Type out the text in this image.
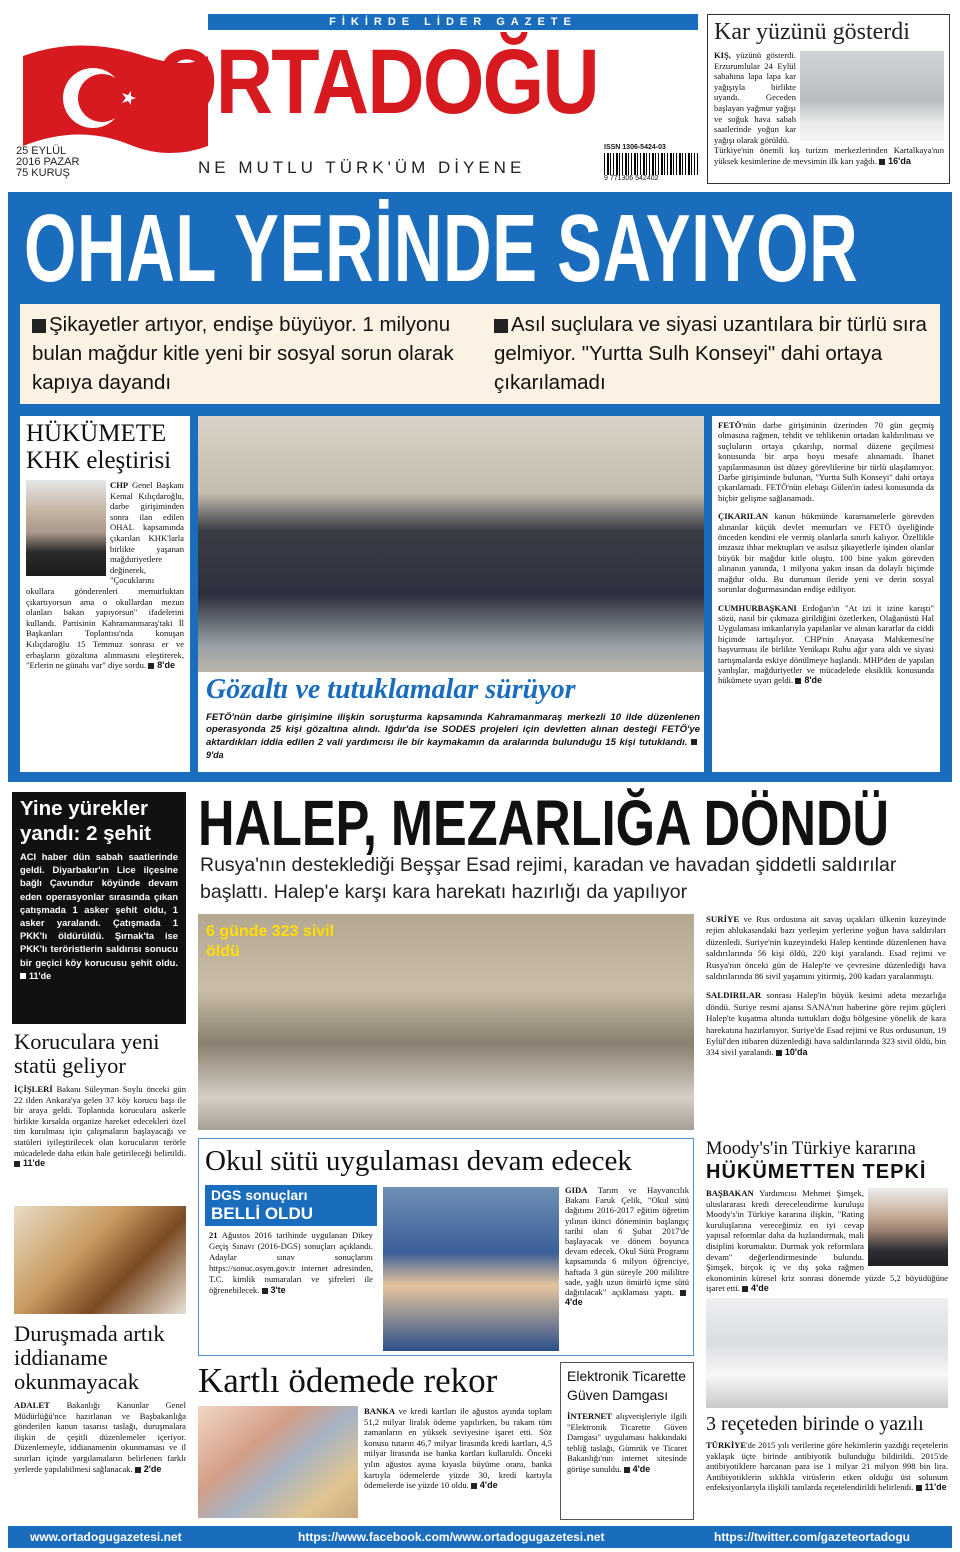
FİKİRDE LİDER GAZETE
ORTADOĞU
NE MUTLU TÜRK'ÜM DİYENE
25 EYLÜL
2016 PAZAR
75 KURUŞ
ISSN 1306-5424-03
9 771306 542402
Kar yüzünü gösterdi
KIŞ, yüzünü gösterdi. Erzurumlular 24 Eylül sabahına lapa lapa kar yağışıyla birlikte uyandı. Geceden başlayan yağmur yağışı ve soğuk hava sabah saatlerinde yoğun kar yağışı olarak görüldü.
Türkiye'nin önemli kış turizm merkezlerinden Kartalkaya'nın yüksek kesimlerine de mevsimin ilk karı yağdı. 16'da
OHAL YERİNDE SAYIYOR
Şikayetler artıyor, endişe büyüyor. 1 milyonu bulan mağdur kitle yeni bir sosyal sorun olarak kapıya dayandı
Asıl suçlulara ve siyasi uzantılara bir türlü sıra gelmiyor. "Yurtta Sulh Konseyi" dahi ortaya çıkarılamadı
HÜKÜMETE
KHK eleştirisi
CHP Genel Başkanı Kemal Kılıçdaroğlu, darbe girişiminden sonra ilan edilen OHAL kapsamında çıkarılan KHK'larla birlikte yaşanan mağduriyetlere değinerek, "Çocuklarını okullara gönderenleri memurluktan çıkartıyorsun ama o okullardan mezun olanları bakan yapıyorsun" ifadelerini kullandı. Partisinin Kahramanmaraş'taki İl Başkanları Toplantısı'nda konuşan Kılıçdaroğlu 15 Temmuz sonrası er ve erbaşların gözaltına alınmasını eleştirerek, "Erlerin ne günahı var" diye sordu. 8'de
Gözaltı ve tutuklamalar sürüyor
FETÖ'nün darbe girişimine ilişkin soruşturma kapsamında Kahramanmaraş merkezli 10 ilde düzenlenen operasyonda 25 kişi gözaltına alındı. Iğdır'da ise SODES projeleri için devletten alınan desteği FETÖ'ye aktardıkları iddia edilen 2 vali yardımcısı ile bir kaymakamın da aralarında bulunduğu 15 kişi tutuklandı. 9'da

FETÖ'nün darbe girişiminin üzerinden 70 gün geçmiş olmasına rağmen, tehdit ve tehlikenin ortadan kaldırılması ve suçluların ortaya çıkarılıp, normal düzene geçilmesi konusunda bir arpa boyu mesafe alınamadı. İhanet yapılanmasının üst düzey görevlilerine bir türlü ulaşılamıyor. Darbe girişiminde bulunan, "Yurtta Sulh Konseyi" dahi ortaya çıkarılamadı. FETÖ'nün elebaşı Gülen'in iadesi konusunda da hiçbir gelişme sağlanamadı.

ÇIKARILAN kanun hükmünde kararnamelerle görevden alınanlar küçük devlet memurları ve FETÖ üyeliğinde önceden kendini ele vermiş olanlarla sınırlı kalıyor. Özellikle imzasız ihbar mektupları ve asılsız şikayetlerle işinden olanlar büyük bir mağdur kitle oluştu. 100 bine yakın görevden alınanın yanında, 1 milyona yakın insan da dolaylı biçimde mağdur oldu. Bu durumun ileride yeni ve derin sosyal sorunlar doğurmasından endişe ediliyor.

CUMHURBAŞKANI Erdoğan'ın "At izi it izine karıştı" sözü, nasıl bir çıkmaza girildiğini özetlerken, Olağanüstü Hal Uygulaması imkanlarıyla yapılanlar ve alınan kararlar da ciddi biçimde tartışılıyor. CHP'nin Anayasa Mahkemesi'ne başvurması ile birlikte Yenikapı Ruhu ağır yara aldı ve siyasi tartışmalarda eskiye dönülmeye başlandı. MHP'den de yapılan yanlışlar, mağduriyetler ve mücadelede eksiklik konusunda hükümete uyarı geldi. 8'de

Yine yürekler yandı: 2 şehit
ACI haber dün sabah saatlerinde geldi. Diyarbakır'ın Lice ilçesine bağlı Çavundur köyünde devam eden operasyonlar sırasında çıkan çatışmada 1 asker şehit oldu, 1 asker yaralandı. Çatışmada 1 PKK'lı öldürüldü. Şırnak'ta ise PKK'lı teröristlerin saldırısı sonucu bir geçici köy korucusu şehit oldu. 11'de
HALEP, MEZARLIĞA DÖNDÜ
Rusya'nın desteklediği Beşşar Esad rejimi, karadan ve havadan şiddetli saldırılar başlattı. Halep'e karşı kara harekatı hazırlığı da yapılıyor
6 günde 323 sivil öldü

SURİYE ve Rus ordusuna ait savaş uçakları ülkenin kuzeyinde rejim ablukasındaki bazı yerleşim yerlerine yoğun hava saldırıları düzenledi. Suriye'nin kuzeyindeki Halep kentinde düzenlenen hava saldırılarında 56 kişi öldü, 220 kişi yaralandı. Esad rejimi ve Rusya'nın önceki gün de Halep'te ve çevresine düzenlediği hava saldırılarında 86 sivil yaşamını yitirmiş, 200 kadarı yaralanmıştı.

SALDIRILAR sonrası Halep'in büyük kesimi adeta mezarlığa döndü. Suriye resmi ajansı SANA'nın haberine göre rejim güçleri Halep'te kuşatma altında tuttukları doğu bölgesine yönelik de kara harekatına hazırlanıyor. Suriye'de Esad rejimi ve Rus ordusunun, 19 Eylül'den itibaren düzenlediği hava saldırılarında 323 sivil öldü, bin 334 sivil yaralandı. 10'da

Koruculara yeni statü geliyor
İÇİŞLERİ Bakanı Süleyman Soylu önceki gün 22 ilden Ankara'ya gelen 37 köy korucu başı ile bir araya geldi. Toplantıda koruculara askerle birlikte kırsalda organize hareket edecekleri özel tim kurulması için çalışmaların başlayacağı ve statüleri iyileştirilecek olan korucuların terörle mücadelede daha etkin hale getirileceği belirtildi. 11'de
Duruşmada artık iddianame okunmayacak
ADALET Bakanlığı Kanunlar Genel Müdürlüğü'nce hazırlanan ve Başbakanlığa gönderilen kanun tasarısı taslağı, duruşmalara ilişkin de çeşitli düzenlemeler içeriyor. Düzenlemeyle, iddianamenin okunmaması ve il sınırları içinde yargılamaların belirlenen farklı yerlerde yapılabilmesi sağlanacak. 2'de
Okul sütü uygulaması devam edecek
DGS sonuçları
BELLİ OLDU
21 Ağustos 2016 tarihinde uygulanan Dikey Geçiş Sınavı (2016-DGS) sonuçları açıklandı. Adaylar sınav sonuçlarını https://sonuc.osym.gov.tr internet adresinden, T.C. kimlik numaraları ve şifreleri ile öğrenebilecek. 3'te
GIDA Tarım ve Hayvancılık Bakanı Faruk Çelik, "Okul sütü dağıtımı 2016-2017 eğitim öğretim yılının ikinci döneminin başlangıç tarihi olan 6 Şubat 2017'de başlayacak ve dönem boyunca devam edecek. Okul Sütü Programı kapsamında 6 milyon öğrenciye, haftada 3 gün süreyle 200 mililitre sade, yağlı uzun ömürlü içme sütü dağıtılacak" açıklaması yaptı. 4'de
Kartlı ödemede rekor
BANKA ve kredi kartları ile ağustos ayında toplam 51,2 milyar liralık ödeme yapılırken, bu rakam tüm zamanların en yüksek seviyesine işaret etti. Söz konusu tutarın 46,7 milyar lirasında kredi kartları, 4,5 milyar lirasında ise banka kartları kullanıldı. Önceki yılın ağustos ayına kıyasla büyüme oranı, banka kartıyla ödemelerde yüzde 30, kredi kartıyla ödemelerde ise yüzde 10 oldu. 4'de
Elektronik Ticarette Güven Damgası
İNTERNET alışverişleriyle ilgili "Elektronik Ticarette Güven Damgası" uygulaması hakkındaki tebliğ taslağı, Gümrük ve Ticaret Bakanlığı'nın internet sitesinde görüşe sunuldu. 4'de
Moody's'in Türkiye kararına
HÜKÜMETTEN TEPKİ
BAŞBAKAN Yardımcısı Mehmet Şimşek, uluslararası kredi derecelendirme kuruluşu Moody's'in Türkiye kararına ilişkin, "Rating kuruluşlarına vereceğimiz en iyi cevap yapısal reformlar daha da hızlandırmak, mali disiplini korumaktır. Durmak yok reformlara devam" değerlendirmesinde bulundu. Şimşek, birçok iç ve dış şoka rağmen ekonominin küresel kriz sonrası dönemde yüzde 5,2 büyüdüğüne işaret etti. 4'de
3 reçeteden birinde o yazılı
TÜRKİYE'de 2015 yılı verilerine göre hekimlerin yazdığı reçetelerin yaklaşık üçte birinde antibiyotik bulunduğu bildirildi. 2015'de antibiyotiklere harcanan para ise 1 milyar 21 milyon 998 bin lira. Antibiyotiklerin sıklıkla virüslerin etken olduğu üst solunum enfeksiyonlarıyla ilişkili tanılarda reçetelendirildi belirlendi. 11'de
www.ortadogugazetesi.net	https://www.facebook.com/www.ortadogugazetesi.net	https://twitter.com/gazeteortadogu
